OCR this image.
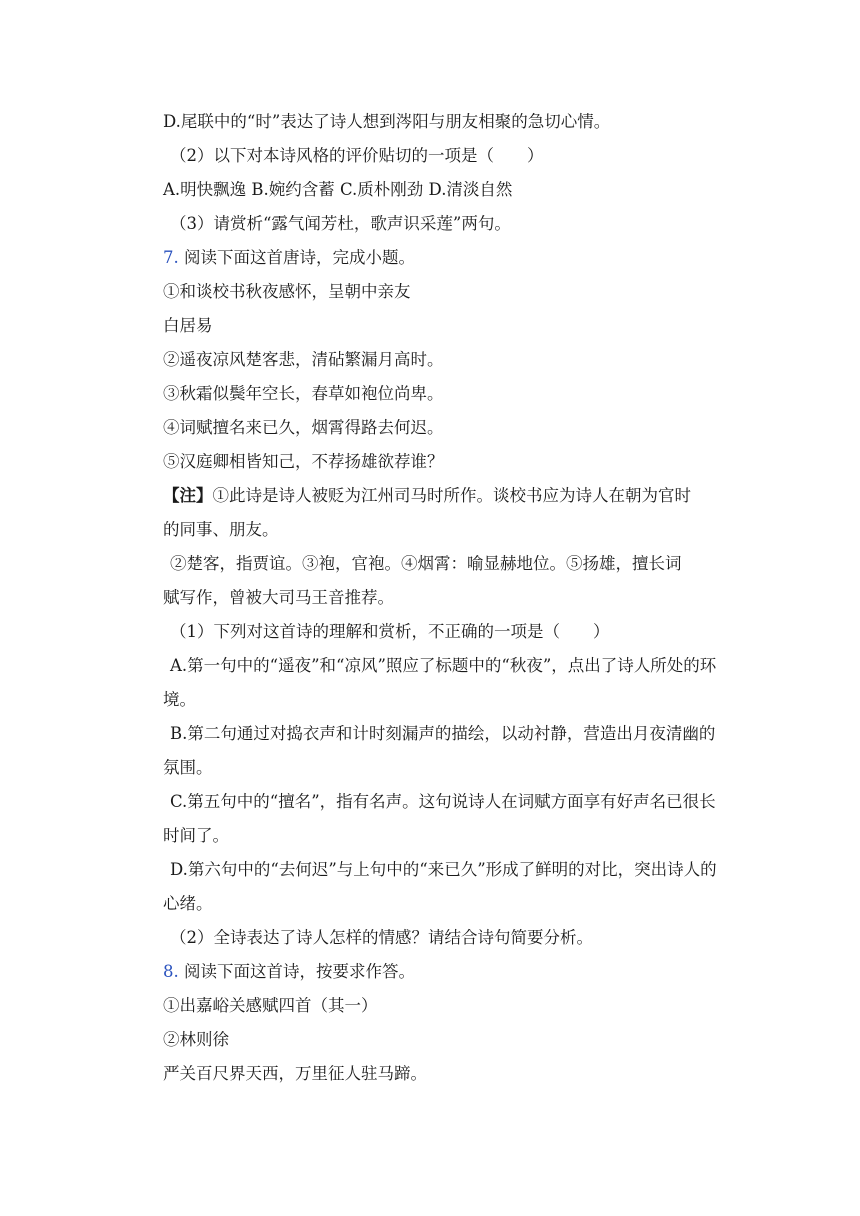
D.尾联中的“时”表达了诗人想到涔阳与朋友相聚的急切心情。
（2）以下对本诗风格的评价贴切的一项是（　　）
A.明快飘逸 B.婉约含蓄 C.质朴刚劲 D.清淡自然
（3）请赏析“露气闻芳杜，歌声识采莲”两句。
7. 阅读下面这首唐诗，完成小题。
①和谈校书秋夜感怀，呈朝中亲友
白居易
②遥夜凉风楚客悲，清砧繁漏月高时。
③秋霜似鬓年空长，春草如袍位尚卑。
④词赋擅名来已久，烟霄得路去何迟。
⑤汉庭卿相皆知己，不荐扬雄欲荐谁？
【注】①此诗是诗人被贬为江州司马时所作。谈校书应为诗人在朝为官时
的同事、朋友。
②楚客，指贾谊。③袍，官袍。④烟霄：喻显赫地位。⑤扬雄，擅长词
赋写作，曾被大司马王音推荐。
（1）下列对这首诗的理解和赏析，不正确的一项是（　　）
A.第一句中的“遥夜”和“凉风”照应了标题中的“秋夜”，点出了诗人所处的环
境。
B.第二句通过对捣衣声和计时刻漏声的描绘，以动衬静，营造出月夜清幽的
氛围。
C.第五句中的“擅名”，指有名声。这句说诗人在词赋方面享有好声名已很长
时间了。
D.第六句中的“去何迟”与上句中的“来已久”形成了鲜明的对比，突出诗人的
心绪。
（2）全诗表达了诗人怎样的情感？请结合诗句简要分析。
8. 阅读下面这首诗，按要求作答。
①出嘉峪关感赋四首（其一）
②林则徐
严关百尺界天西，万里征人驻马蹄。
